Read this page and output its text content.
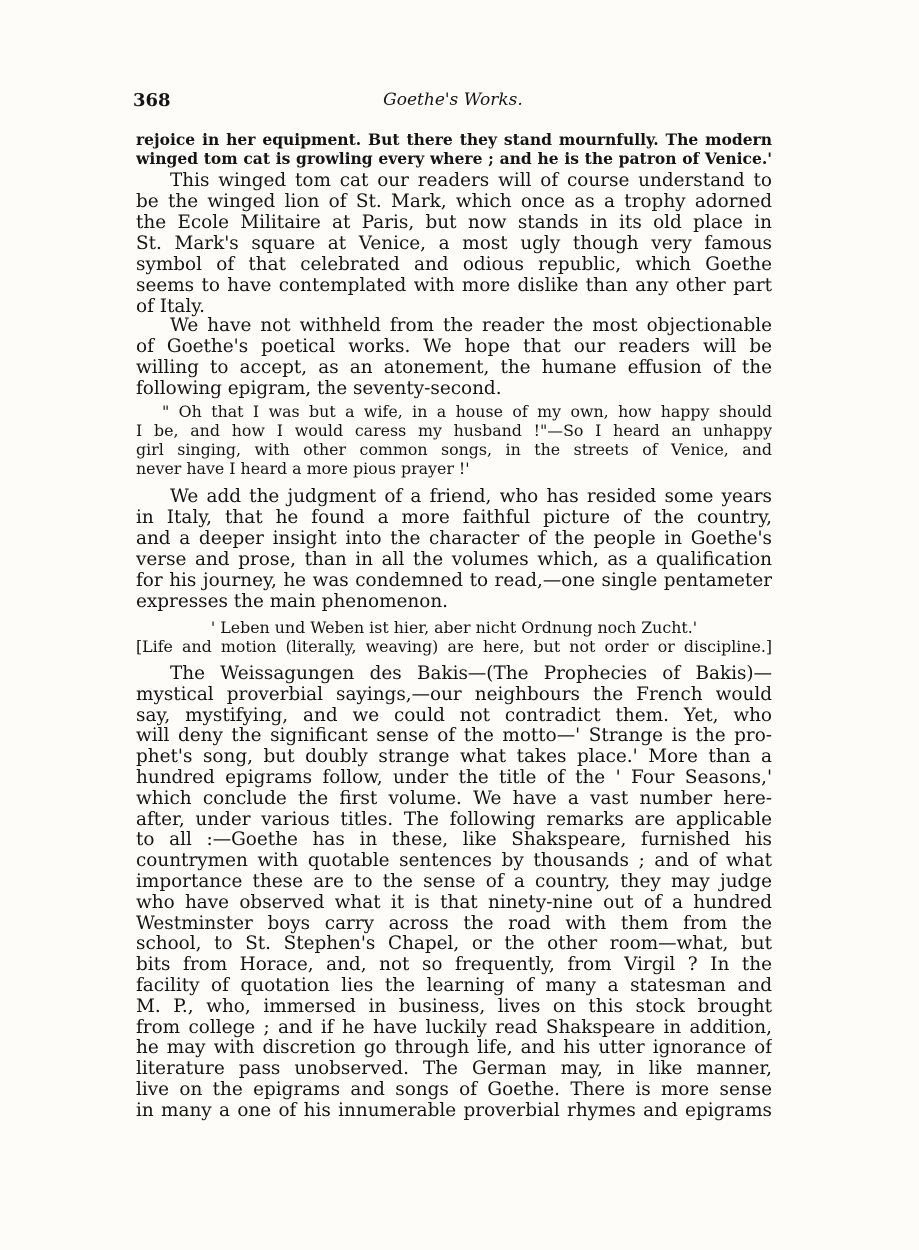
368	Goethe's Works.
rejoice in her equipment. But there they stand mournfully. The modern
winged tom cat is growling every where ; and he is the patron of Venice.'
This winged tom cat our readers will of course understand to
be the winged lion of St. Mark, which once as a trophy adorned
the Ecole Militaire at Paris, but now stands in its old place in
St. Mark's square at Venice, a most ugly though very famous
symbol of that celebrated and odious republic, which Goethe
seems to have contemplated with more dislike than any other part
of Italy.
We have not withheld from the reader the most objectionable
of Goethe's poetical works. We hope that our readers will be
willing to accept, as an atonement, the humane effusion of the
following epigram, the seventy-second.
" Oh that I was but a wife, in a house of my own, how happy should
I be, and how I would caress my husband !"—So I heard an unhappy
girl singing, with other common songs, in the streets of Venice, and
never have I heard a more pious prayer !'
We add the judgment of a friend, who has resided some years
in Italy, that he found a more faithful picture of the country,
and a deeper insight into the character of the people in Goethe's
verse and prose, than in all the volumes which, as a qualification
for his journey, he was condemned to read,—one single pentameter
expresses the main phenomenon.
' Leben und Weben ist hier, aber nicht Ordnung noch Zucht.'
[Life and motion (literally, weaving) are here, but not order or discipline.]
The Weissagungen des Bakis—(The Prophecies of Bakis)—
mystical proverbial sayings,—our neighbours the French would
say, mystifying, and we could not contradict them. Yet, who
will deny the significant sense of the motto—' Strange is the pro-
phet's song, but doubly strange what takes place.' More than a
hundred epigrams follow, under the title of the ' Four Seasons,'
which conclude the first volume. We have a vast number here-
after, under various titles. The following remarks are applicable
to all :—Goethe has in these, like Shakspeare, furnished his
countrymen with quotable sentences by thousands ; and of what
importance these are to the sense of a country, they may judge
who have observed what it is that ninety-nine out of a hundred
Westminster boys carry across the road with them from the
school, to St. Stephen's Chapel, or the other room—what, but
bits from Horace, and, not so frequently, from Virgil ? In the
facility of quotation lies the learning of many a statesman and
M. P., who, immersed in business, lives on this stock brought
from college ; and if he have luckily read Shakspeare in addition,
he may with discretion go through life, and his utter ignorance of
literature pass unobserved. The German may, in like manner,
live on the epigrams and songs of Goethe. There is more sense
in many a one of his innumerable proverbial rhymes and epigrams
